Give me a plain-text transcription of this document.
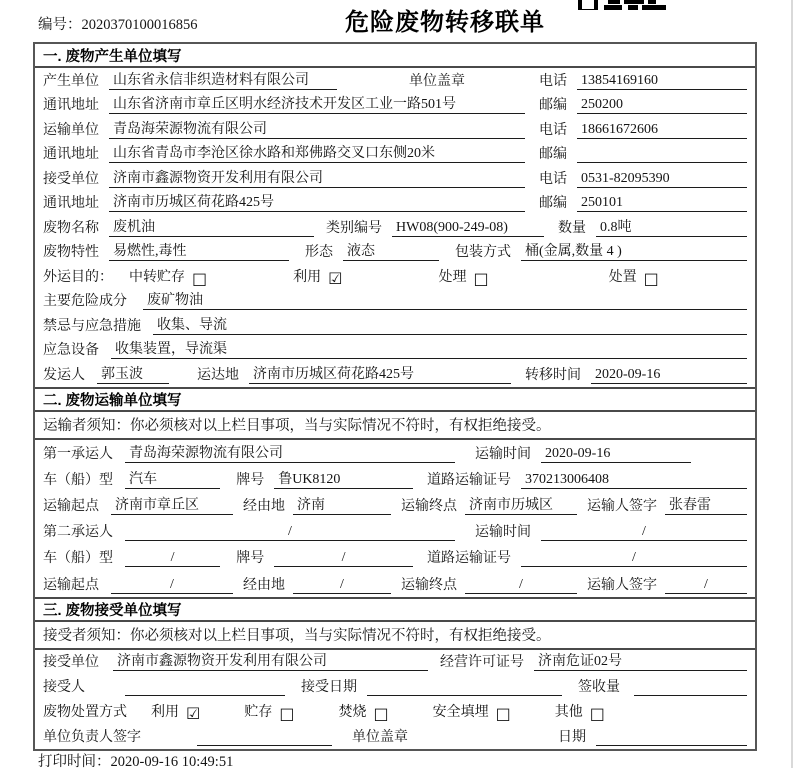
编号：2020370100016856	危险废物转移联单
一. 废物产生单位填写
产生单位 山东省永信非织造材料有限公司	单位盖章	电话 13854169160
通讯地址 山东省济南市章丘区明水经济技术开发区工业一路501号	邮编 250200
运输单位 青岛海荣源物流有限公司	电话 18661672606
通讯地址 山东省青岛市李沧区徐水路和郑佛路交叉口东侧20米	邮编
接受单位 济南市鑫源物资开发利用有限公司	电话 0531-82095390
通讯地址 济南市历城区荷花路425号	邮编 250101
废物名称 废机油	类别编号 HW08(900-249-08)	数量 0.8吨
废物特性 易燃性,毒性	形态 液态	包装方式 桶(金属,数量 4 )
外运目的： 中转贮存 □	利用 ☑	处理 □	处置 □
主要危险成分 废矿物油
禁忌与应急措施 收集、导流
应急设备 收集装置，导流渠
发运人 郭玉波	运达地 济南市历城区荷花路425号	转移时间 2020-09-16
二. 废物运输单位填写
运输者须知：你必须核对以上栏目事项，当与实际情况不符时，有权拒绝接受。
第一承运人 青岛海荣源物流有限公司	运输时间 2020-09-16
车（船）型 汽车	牌号 鲁UK8120	道路运输证号 370213006408
运输起点 济南市章丘区	经由地 济南	运输终点 济南市历城区	运输人签字 张春雷
第二承运人	/	运输时间	/
车（船）型	/	牌号	/	道路运输证号	/
运输起点	/	经由地	/	运输终点	/	运输人签字	/
三. 废物接受单位填写
接受者须知：你必须核对以上栏目事项，当与实际情况不符时，有权拒绝接受。
接受单位 济南市鑫源物资开发利用有限公司	经营许可证号 济南危证02号
接受人	接受日期	签收量
废物处置方式 利用 ☑	贮存 □	焚烧 □	安全填埋 □	其他 □
单位负责人签字	单位盖章	日期
打印时间：2020-09-16 10:49:51
